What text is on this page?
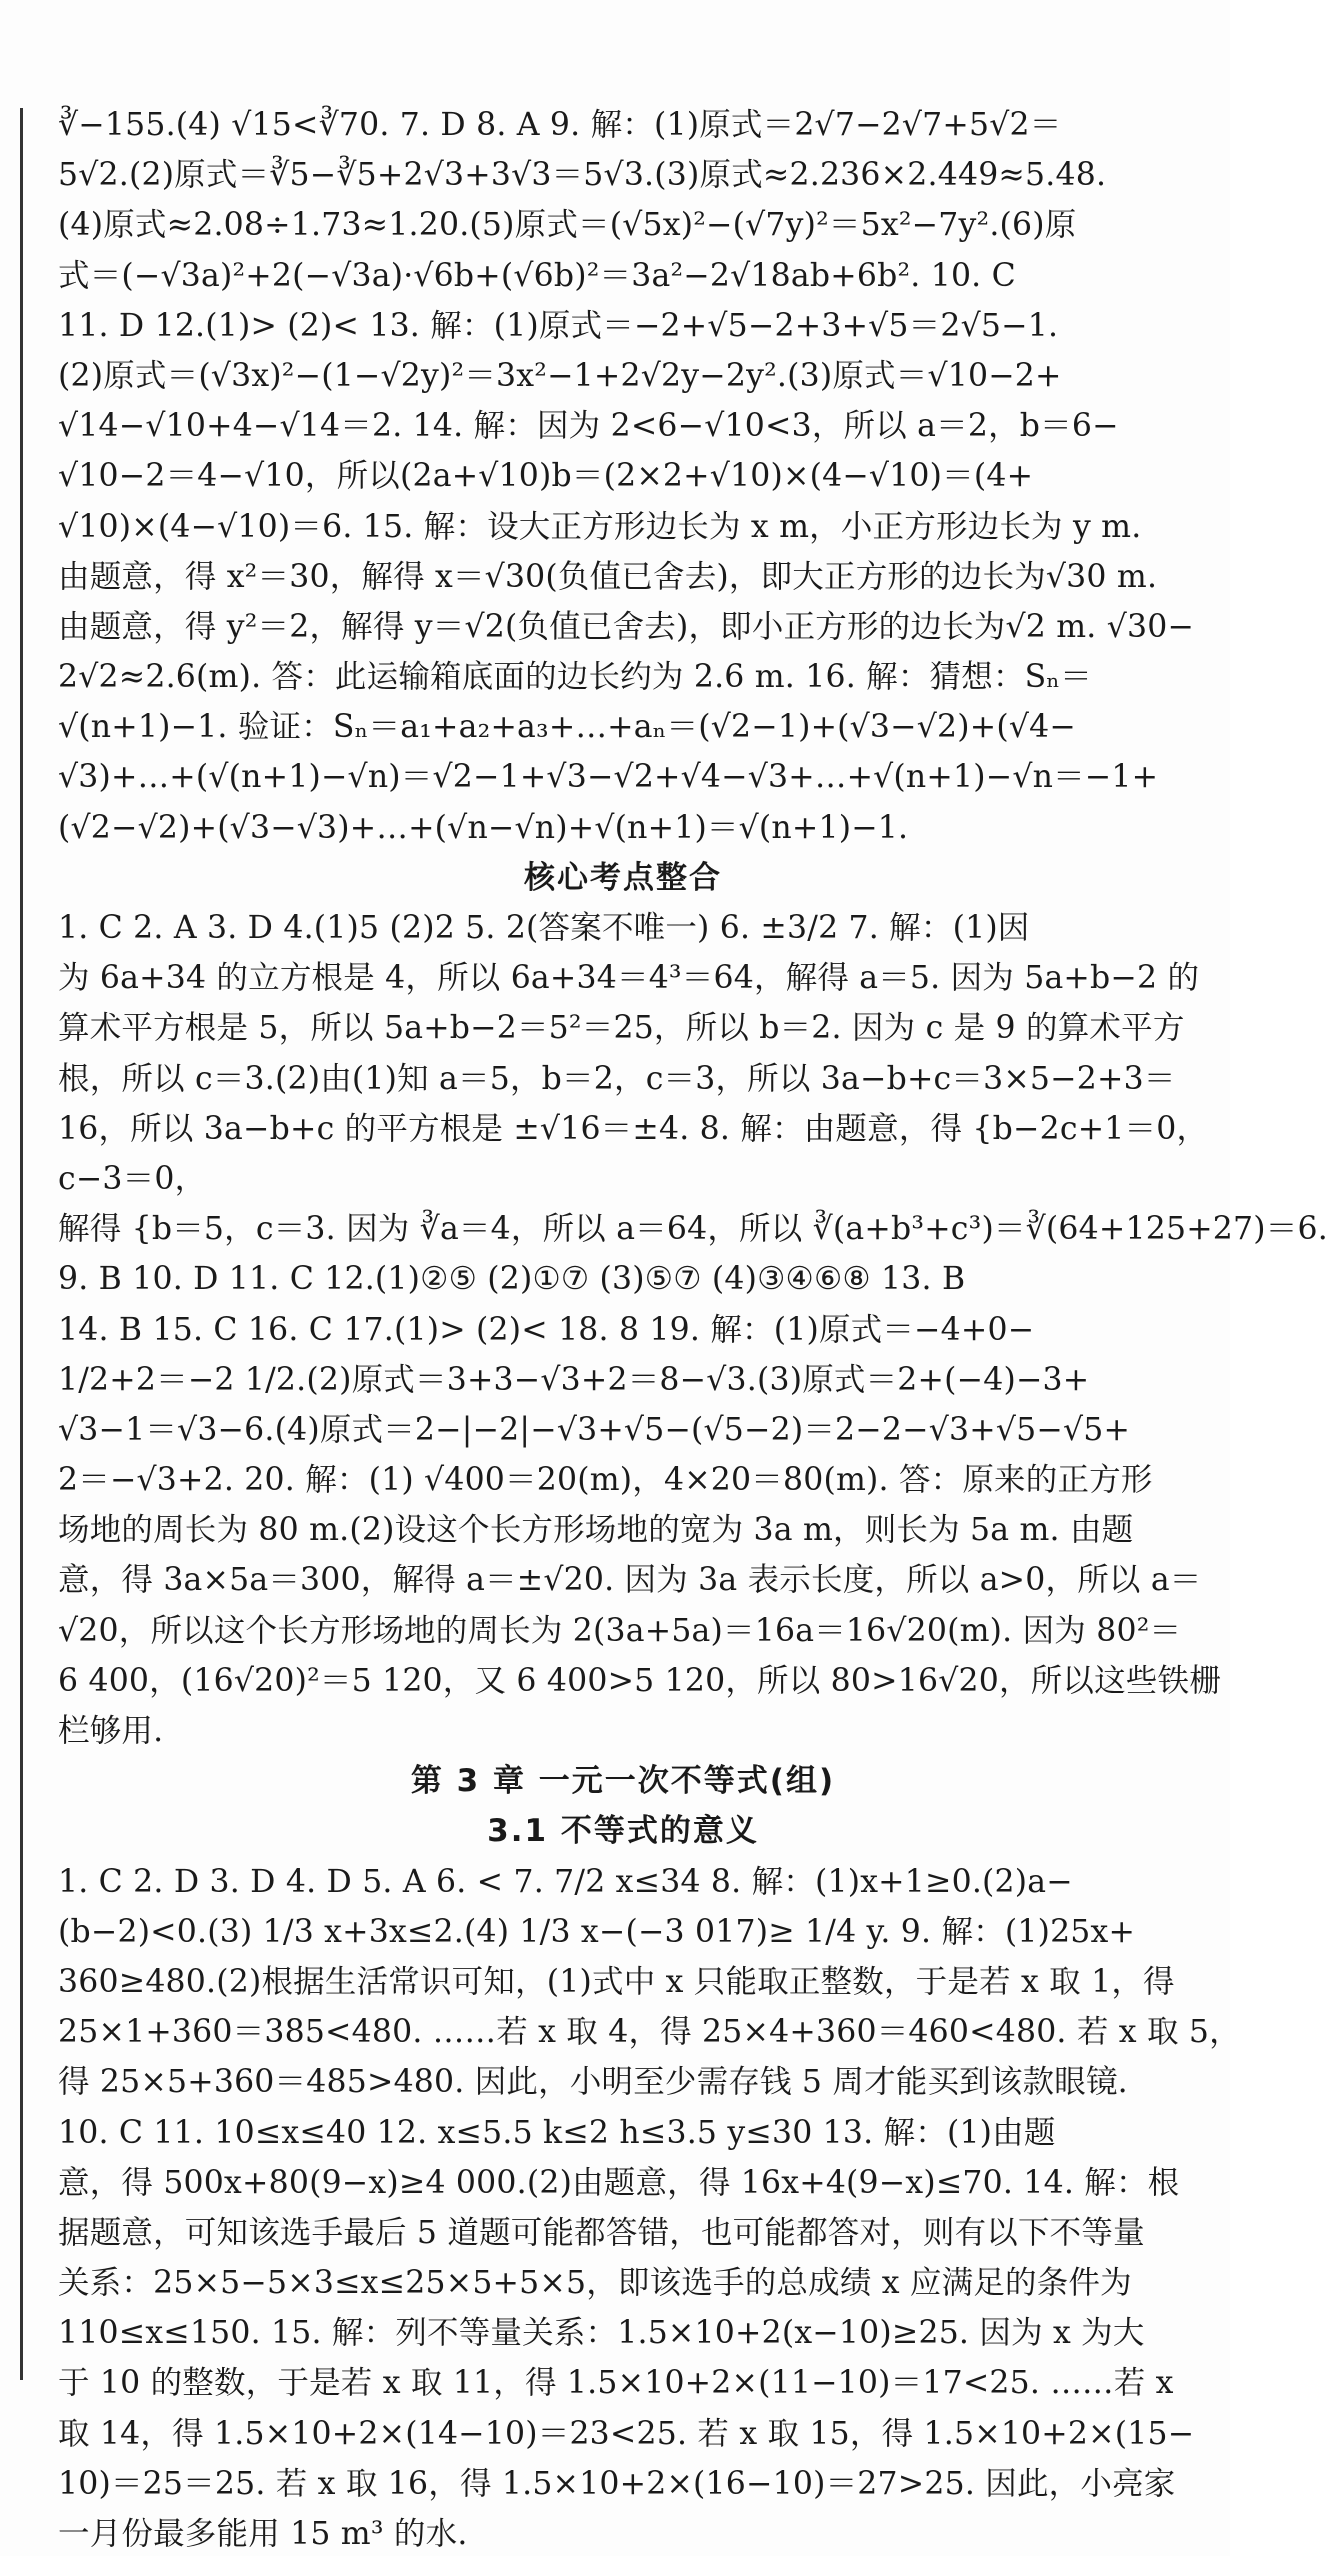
∛−155.(4) √15<∛70. 7. D 8. A 9. 解：(1)原式＝2√7−2√7+5√2＝
5√2.(2)原式＝∛5−∛5+2√3+3√3＝5√3.(3)原式≈2.236×2.449≈5.48.
(4)原式≈2.08÷1.73≈1.20.(5)原式＝(√5x)²−(√7y)²＝5x²−7y².(6)原
式＝(−√3a)²+2(−√3a)·√6b+(√6b)²＝3a²−2√18ab+6b². 10. C
11. D 12.(1)> (2)< 13. 解：(1)原式＝−2+√5−2+3+√5＝2√5−1.
(2)原式＝(√3x)²−(1−√2y)²＝3x²−1+2√2y−2y².(3)原式＝√10−2+
√14−√10+4−√14＝2. 14. 解：因为 2<6−√10<3，所以 a＝2，b＝6−
√10−2＝4−√10，所以(2a+√10)b＝(2×2+√10)×(4−√10)＝(4+
√10)×(4−√10)＝6. 15. 解：设大正方形边长为 x m，小正方形边长为 y m.
由题意，得 x²＝30，解得 x＝√30(负值已舍去)，即大正方形的边长为√30 m.
由题意，得 y²＝2，解得 y＝√2(负值已舍去)，即小正方形的边长为√2 m. √30−
2√2≈2.6(m). 答：此运输箱底面的边长约为 2.6 m. 16. 解：猜想：Sₙ＝
√(n+1)−1. 验证：Sₙ＝a₁+a₂+a₃+…+aₙ＝(√2−1)+(√3−√2)+(√4−
√3)+…+(√(n+1)−√n)＝√2−1+√3−√2+√4−√3+…+√(n+1)−√n＝−1+
(√2−√2)+(√3−√3)+…+(√n−√n)+√(n+1)＝√(n+1)−1.
核心考点整合
1. C 2. A 3. D 4.(1)5 (2)2 5. 2(答案不唯一) 6. ±3/2 7. 解：(1)因
为 6a+34 的立方根是 4，所以 6a+34＝4³＝64，解得 a＝5. 因为 5a+b−2 的
算术平方根是 5，所以 5a+b−2＝5²＝25，所以 b＝2. 因为 c 是 9 的算术平方
根，所以 c＝3.(2)由(1)知 a＝5，b＝2，c＝3，所以 3a−b+c＝3×5−2+3＝
16，所以 3a−b+c 的平方根是 ±√16＝±4. 8. 解：由题意，得 {b−2c+1＝0，
c−3＝0，
解得 {b＝5，c＝3. 因为 ∛a＝4，所以 a＝64，所以 ∛(a+b³+c³)＝∛(64+125+27)＝6.
9. B 10. D 11. C 12.(1)②⑤ (2)①⑦ (3)⑤⑦ (4)③④⑥⑧ 13. B
14. B 15. C 16. C 17.(1)> (2)< 18. 8 19. 解：(1)原式＝−4+0−
1/2+2＝−2 1/2.(2)原式＝3+3−√3+2＝8−√3.(3)原式＝2+(−4)−3+
√3−1＝√3−6.(4)原式＝2−|−2|−√3+√5−(√5−2)＝2−2−√3+√5−√5+
2＝−√3+2. 20. 解：(1) √400＝20(m)，4×20＝80(m). 答：原来的正方形
场地的周长为 80 m.(2)设这个长方形场地的宽为 3a m，则长为 5a m. 由题
意，得 3a×5a＝300，解得 a＝±√20. 因为 3a 表示长度，所以 a>0，所以 a＝
√20，所以这个长方形场地的周长为 2(3a+5a)＝16a＝16√20(m). 因为 80²＝
6 400，(16√20)²＝5 120，又 6 400>5 120，所以 80>16√20，所以这些铁栅
栏够用.
第 3 章 一元一次不等式(组)
3.1 不等式的意义
1. C 2. D 3. D 4. D 5. A 6. < 7. 7/2 x≤34 8. 解：(1)x+1≥0.(2)a−
(b−2)<0.(3) 1/3 x+3x≤2.(4) 1/3 x−(−3 017)≥ 1/4 y. 9. 解：(1)25x+
360≥480.(2)根据生活常识可知，(1)式中 x 只能取正整数，于是若 x 取 1，得
25×1+360＝385<480. ……若 x 取 4，得 25×4+360＝460<480. 若 x 取 5，
得 25×5+360＝485>480. 因此，小明至少需存钱 5 周才能买到该款眼镜.
10. C 11. 10≤x≤40 12. x≤5.5 k≤2 h≤3.5 y≤30 13. 解：(1)由题
意，得 500x+80(9−x)≥4 000.(2)由题意，得 16x+4(9−x)≤70. 14. 解：根
据题意，可知该选手最后 5 道题可能都答错，也可能都答对，则有以下不等量
关系：25×5−5×3≤x≤25×5+5×5，即该选手的总成绩 x 应满足的条件为
110≤x≤150. 15. 解：列不等量关系：1.5×10+2(x−10)≥25. 因为 x 为大
于 10 的整数，于是若 x 取 11，得 1.5×10+2×(11−10)＝17<25. ……若 x
取 14，得 1.5×10+2×(14−10)＝23<25. 若 x 取 15，得 1.5×10+2×(15−
10)＝25＝25. 若 x 取 16，得 1.5×10+2×(16−10)＝27>25. 因此，小亮家
一月份最多能用 15 m³ 的水.
